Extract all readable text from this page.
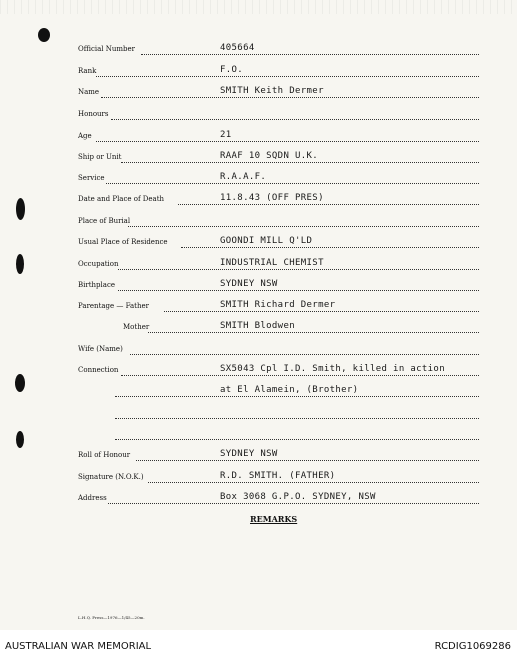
Official Number	405664
Rank	F.O.
Name	SMITH Keith Dermer
Honours
Age	21
Ship or Unit	RAAF 10 SQDN U.K.
Service	R.A.A.F.
Date and Place of Death	11.8.43 (OFF PRES)
Place of Burial
Usual Place of Residence	GOONDI MILL Q'LD
Occupation	INDUSTRIAL CHEMIST
Birthplace	SYDNEY NSW
Parentage — Father	SMITH Richard Dermer
Mother	SMITH Blodwen
Wife (Name)
Connection	SX5043 Cpl I.D. Smith, killed in action
at El Alamein, (Brother)
Roll of Honour	SYDNEY NSW
Signature (N.O.K.)	R.D. SMITH. (FATHER)
Address	Box 3068 G.P.O. SYDNEY, NSW
REMARKS
L.H.Q. Press—1976—1/45—20m.
AUSTRALIAN WAR MEMORIAL	RCDIG1069286
